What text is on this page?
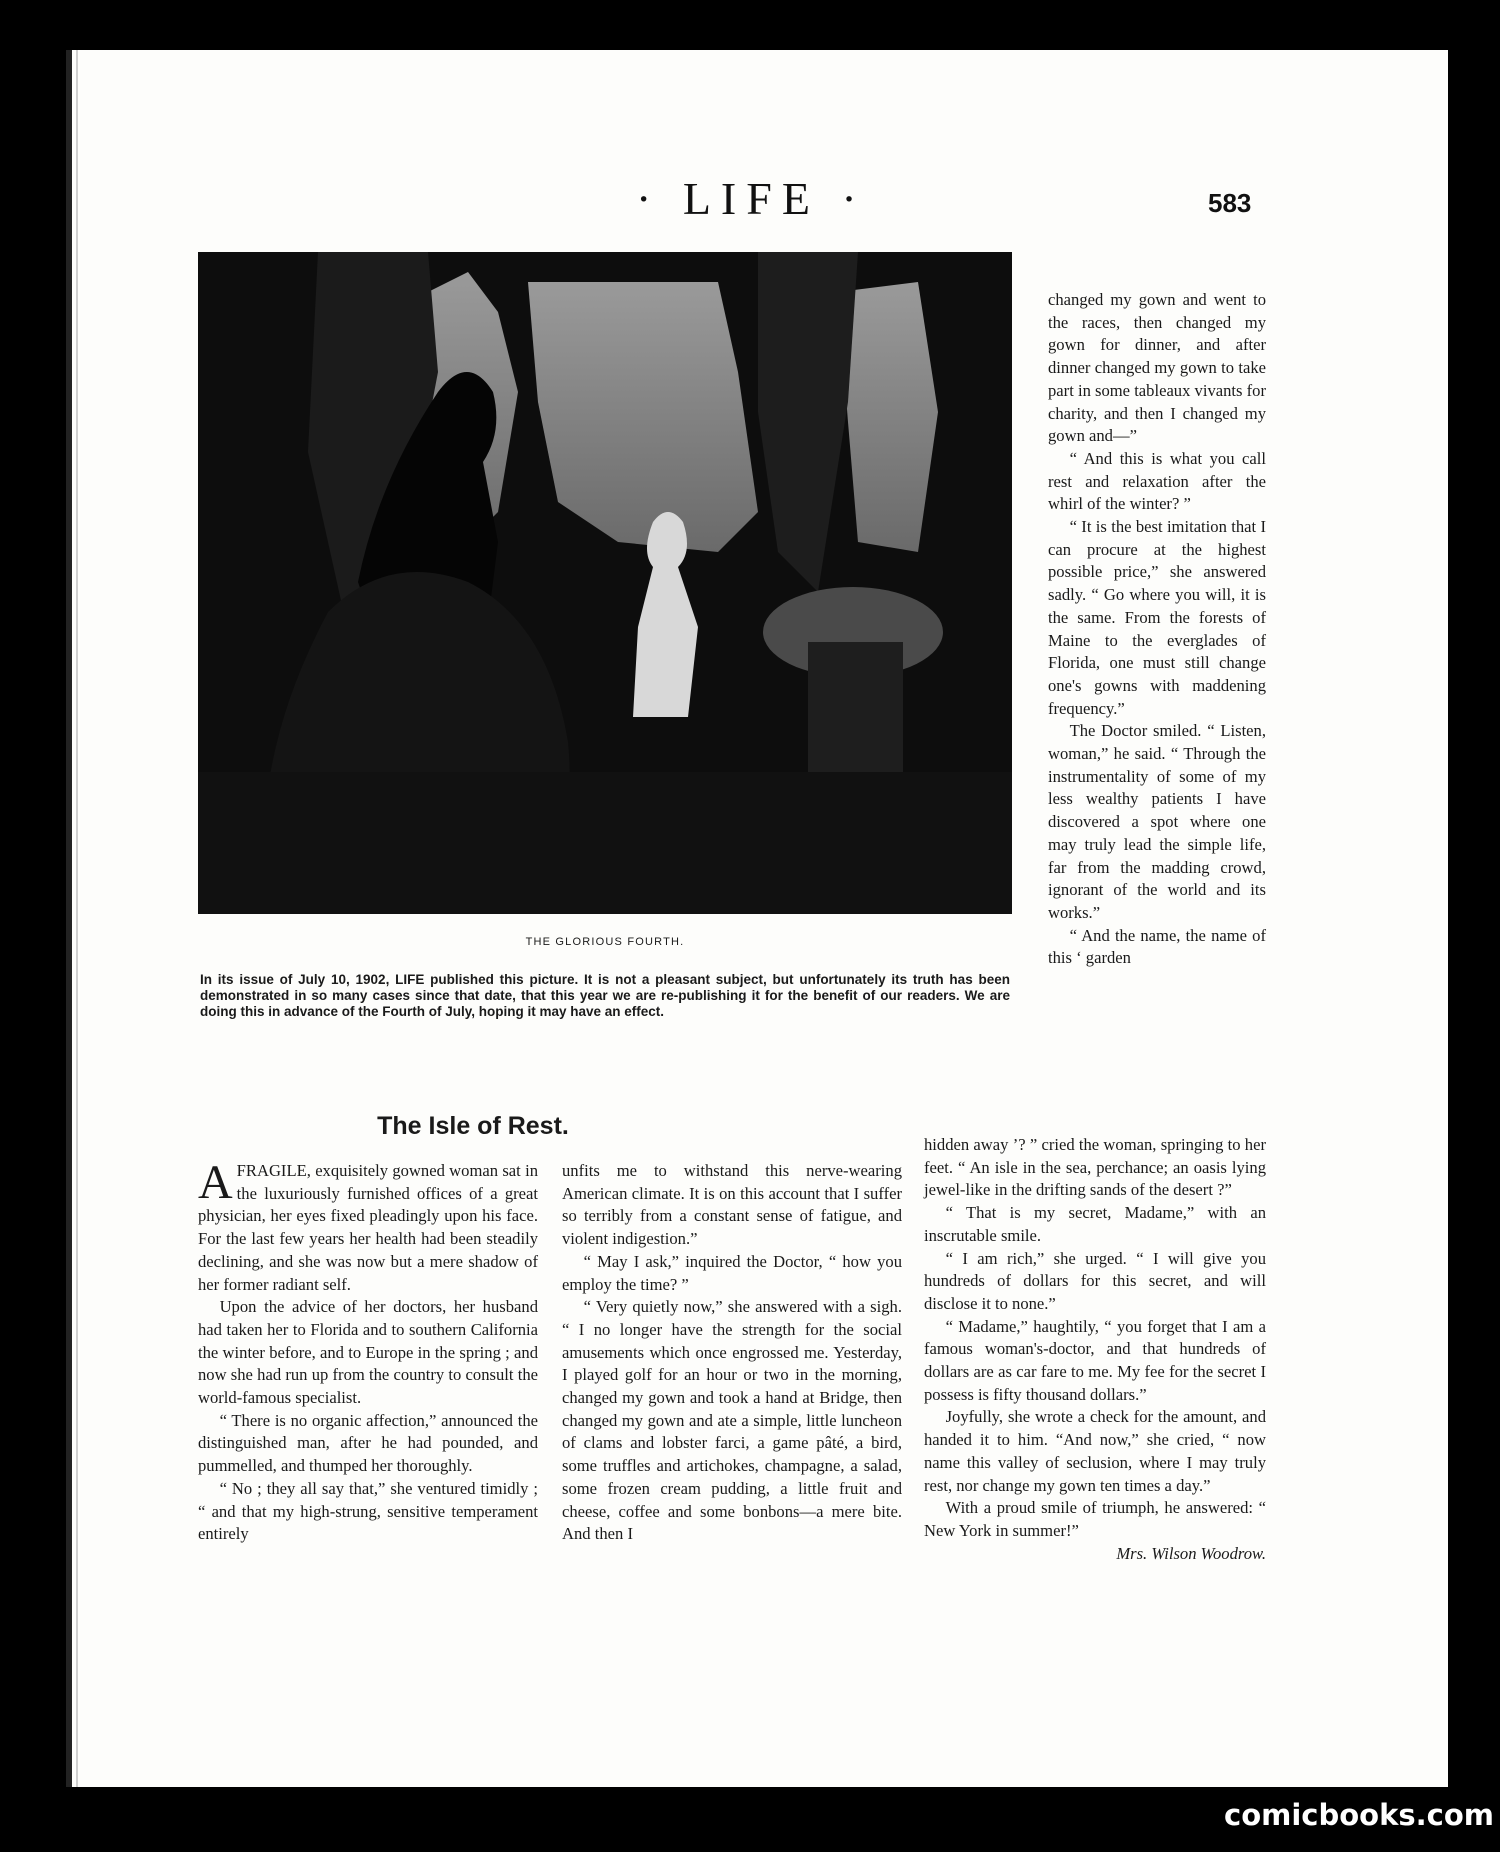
· LIFE ·	583
THE GLORIOUS FOURTH.
In its issue of July 10, 1902, LIFE published this picture. It is not a pleasant subject, but unfortunately its truth has been demonstrated in so many cases since that date, that this year we are re-publishing it for the benefit of our readers. We are doing this in advance of the Fourth of July, hoping it may have an effect.
The Isle of Rest.

AFRAGILE, exquisitely gowned woman sat in the luxuriously furnished offices of a great physician, her eyes fixed pleadingly upon his face. For the last few years her health had been steadily declining, and she was now but a mere shadow of her former radiant self.

Upon the advice of her doctors, her husband had taken her to Florida and to southern California the winter before, and to Europe in the spring ; and now she had run up from the country to consult the world-famous specialist.

“ There is no organic affection,” announced the distinguished man, after he had pounded, and pummelled, and thumped her thoroughly.

“ No ; they all say that,” she ventured timidly ; “ and that my high-strung, sensitive temperament entirely

unfits me to withstand this nerve-wearing American climate. It is on this account that I suffer so terribly from a constant sense of fatigue, and violent indigestion.”

“ May I ask,” inquired the Doctor, “ how you employ the time? ”

“ Very quietly now,” she answered with a sigh. “ I no longer have the strength for the social amusements which once engrossed me. Yesterday, I played golf for an hour or two in the morning, changed my gown and took a hand at Bridge, then changed my gown and ate a simple, little luncheon of clams and lobster farci, a game pâté, a bird, some truffles and artichokes, champagne, a salad, some frozen cream pudding, a little fruit and cheese, coffee and some bonbons—a mere bite. And then I

changed my gown and went to the races, then changed my gown for dinner, and after dinner changed my gown to take part in some tableaux vivants for charity, and then I changed my gown and—”

“ And this is what you call rest and relaxation after the whirl of the winter? ”

“ It is the best imitation that I can procure at the highest possible price,” she answered sadly. “ Go where you will, it is the same. From the forests of Maine to the everglades of Florida, one must still change one's gowns with maddening frequency.”

The Doctor smiled. “ Listen, woman,” he said. “ Through the instrumentality of some of my less wealthy patients I have discovered a spot where one may truly lead the simple life, far from the madding crowd, ignorant of the world and its works.”

“ And the name, the name of this ‘ garden

hidden away ’? ” cried the woman, springing to her feet. “ An isle in the sea, perchance; an oasis lying jewel-like in the drifting sands of the desert ?”

“ That is my secret, Madame,” with an inscrutable smile.

“ I am rich,” she urged. “ I will give you hundreds of dollars for this secret, and will disclose it to none.”

“ Madame,” haughtily, “ you forget that I am a famous woman's-doctor, and that hundreds of dollars are as car fare to me. My fee for the secret I possess is fifty thousand dollars.”

Joyfully, she wrote a check for the amount, and handed it to him. “And now,” she cried, “ now name this valley of seclusion, where I may truly rest, nor change my gown ten times a day.”

With a proud smile of triumph, he answered: “ New York in summer!”

Mrs. Wilson Woodrow.

comicbooks.com
